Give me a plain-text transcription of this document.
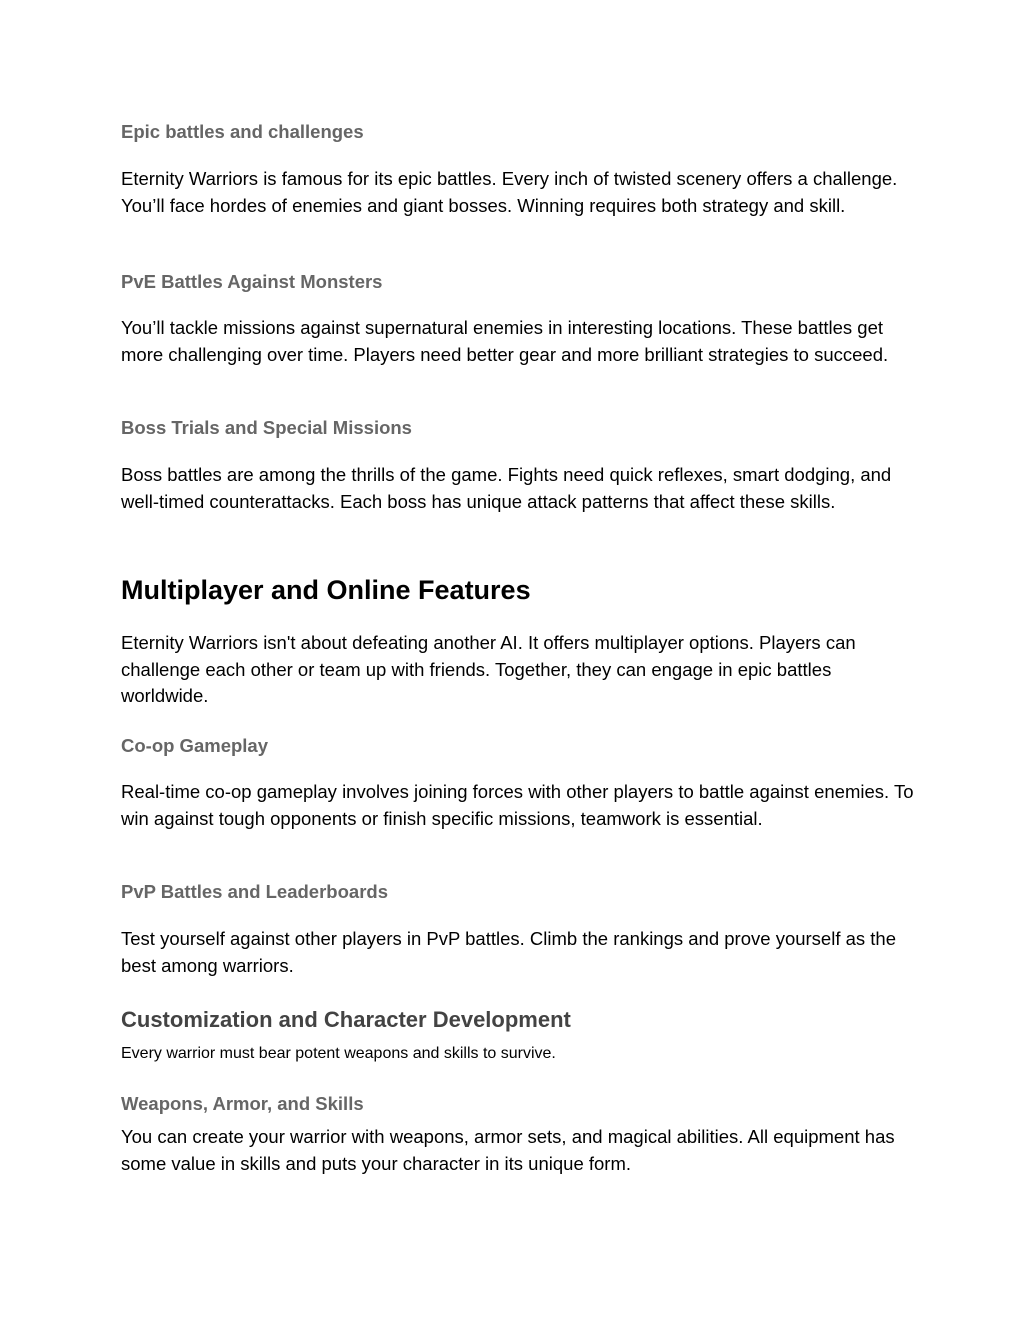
Epic battles and challenges

Eternity Warriors is famous for its epic battles. Every inch of twisted scenery offers a challenge. You’ll face hordes of enemies and giant bosses. Winning requires both strategy and skill.

PvE Battles Against Monsters

You’ll tackle missions against supernatural enemies in interesting locations. These battles get more challenging over time. Players need better gear and more brilliant strategies to succeed.

Boss Trials and Special Missions

Boss battles are among the thrills of the game. Fights need quick reflexes, smart dodging, and well-timed counterattacks. Each boss has unique attack patterns that affect these skills.

Multiplayer and Online Features

Eternity Warriors isn't about defeating another AI. It offers multiplayer options. Players can challenge each other or team up with friends. Together, they can engage in epic battles worldwide.

Co-op Gameplay

Real-time co-op gameplay involves joining forces with other players to battle against enemies. To win against tough opponents or finish specific missions, teamwork is essential.

PvP Battles and Leaderboards

Test yourself against other players in PvP battles. Climb the rankings and prove yourself as the best among warriors.

Customization and Character Development

Every warrior must bear potent weapons and skills to survive.

Weapons, Armor, and Skills

You can create your warrior with weapons, armor sets, and magical abilities. All equipment has some value in skills and puts your character in its unique form.
